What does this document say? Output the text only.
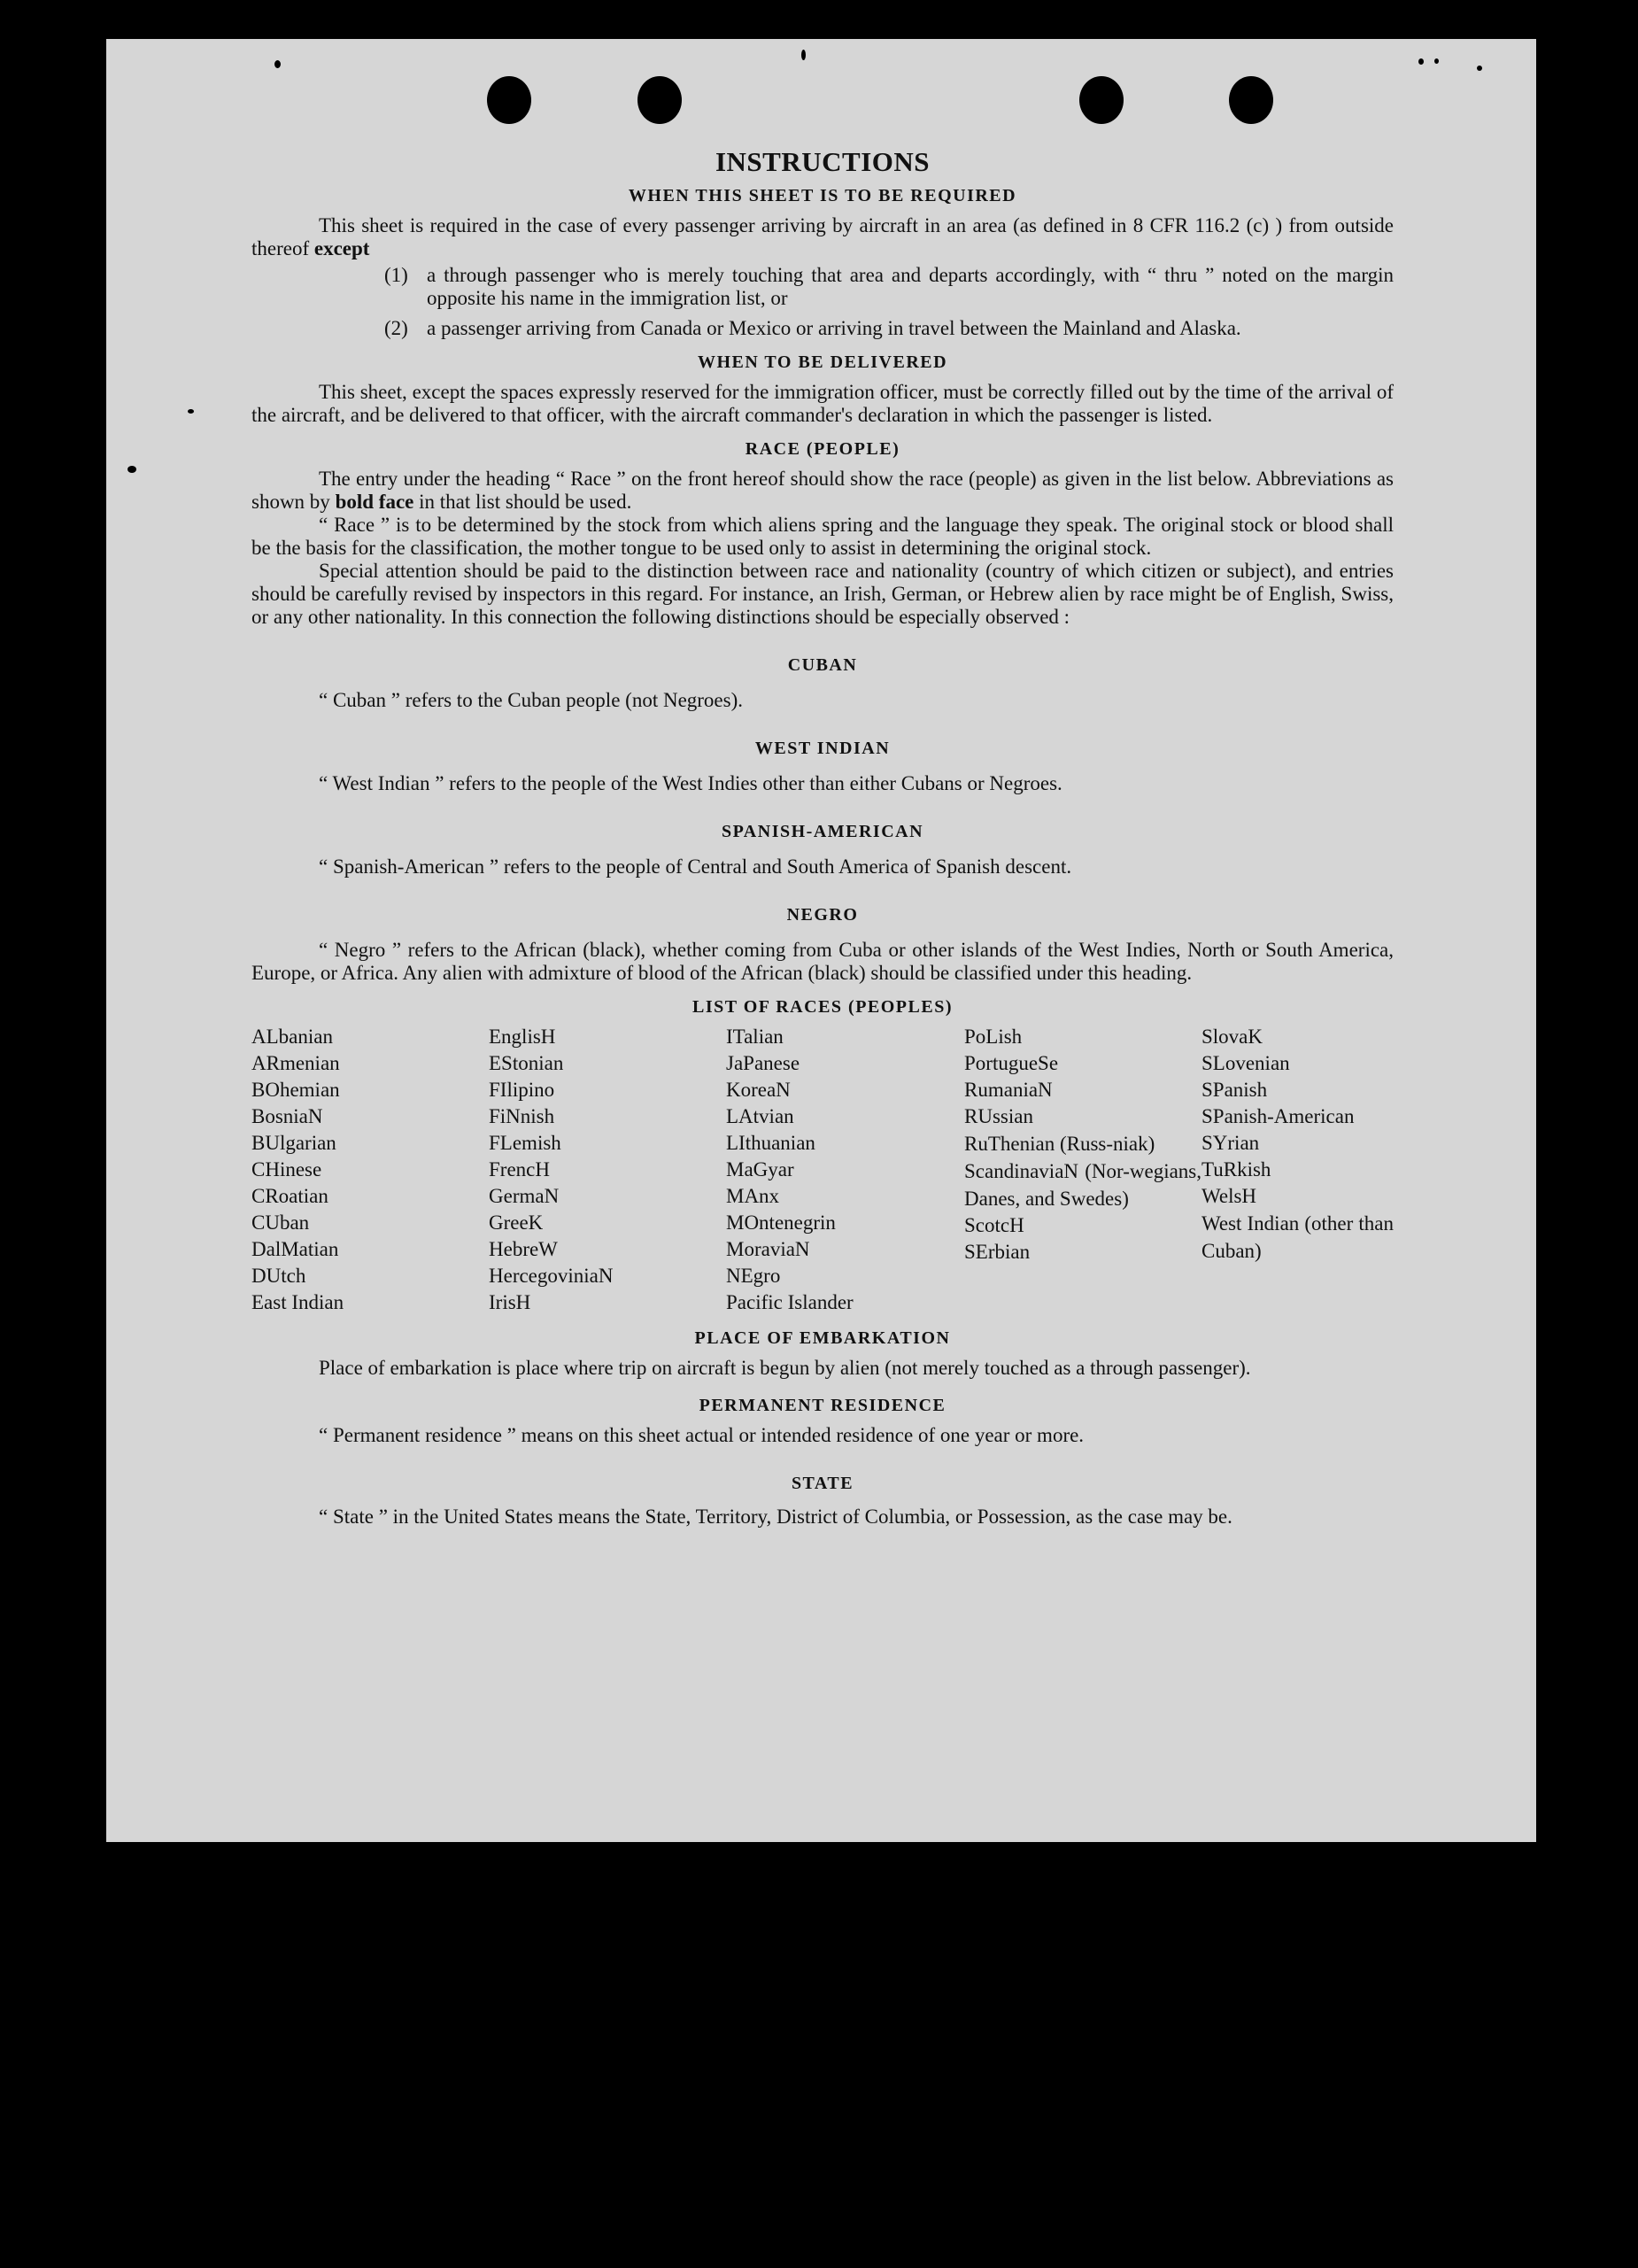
INSTRUCTIONS
WHEN THIS SHEET IS TO BE REQUIRED

This sheet is required in the case of every passenger arriving by aircraft in an area (as defined in 8 CFR 116.2 (c) ) from outside thereof except

(1) a through passenger who is merely touching that area and departs accordingly, with “ thru ” noted on the margin opposite his name in the immigration list, or
(2) a passenger arriving from Canada or Mexico or arriving in travel between the Mainland and Alaska.
WHEN TO BE DELIVERED

This sheet, except the spaces expressly reserved for the immigration officer, must be correctly filled out by the time of the arrival of the aircraft, and be delivered to that officer, with the aircraft commander's declaration in which the passenger is listed.

RACE (PEOPLE)

The entry under the heading “ Race ” on the front hereof should show the race (people) as given in the list below. Abbreviations as shown by bold face in that list should be used.

“ Race ” is to be determined by the stock from which aliens spring and the language they speak. The original stock or blood shall be the basis for the classification, the mother tongue to be used only to assist in determining the original stock.

Special attention should be paid to the distinction between race and nationality (country of which citizen or subject), and entries should be carefully revised by inspectors in this regard. For instance, an Irish, German, or Hebrew alien by race might be of English, Swiss, or any other nationality. In this connection the following distinctions should be especially observed :

CUBAN

“ Cuban ” refers to the Cuban people (not Negroes).

WEST INDIAN

“ West Indian ” refers to the people of the West Indies other than either Cubans or Negroes.

SPANISH-AMERICAN

“ Spanish-American ” refers to the people of Central and South America of Spanish descent.

NEGRO

“ Negro ” refers to the African (black), whether coming from Cuba or other islands of the West Indies, North or South America, Europe, or Africa. Any alien with admixture of blood of the African (black) should be classified under this heading.

LIST OF RACES (PEOPLES)
ALbanian
ARmenian
BOhemian
BosniaN
BUlgarian
CHinese
CRoatian
CUban
DalMatian
DUtch
East Indian
EnglisH
EStonian
FIlipino
FiNnish
FLemish
FrencH
GermaN
GreeK
HebreW
HercegoviniaN
IrisH
ITalian
JaPanese
KoreaN
LAtvian
LIthuanian
MaGyar
MAnx
MOntenegrin
MoraviaN
NEgro
Pacific Islander
PoLish
PortugueSe
RumaniaN
RUssian
RuThenian (Russ-niak)
ScandinaviaN (Nor-wegians, Danes, and Swedes)
ScotcH
SErbian
SlovaK
SLovenian
SPanish
SPanish-American
SYrian
TuRkish
WelsH
West Indian (other than Cuban)
PLACE OF EMBARKATION

Place of embarkation is place where trip on aircraft is begun by alien (not merely touched as a through passenger).

PERMANENT RESIDENCE

“ Permanent residence ” means on this sheet actual or intended residence of one year or more.

STATE

“ State ” in the United States means the State, Territory, District of Columbia, or Possession, as the case may be.
